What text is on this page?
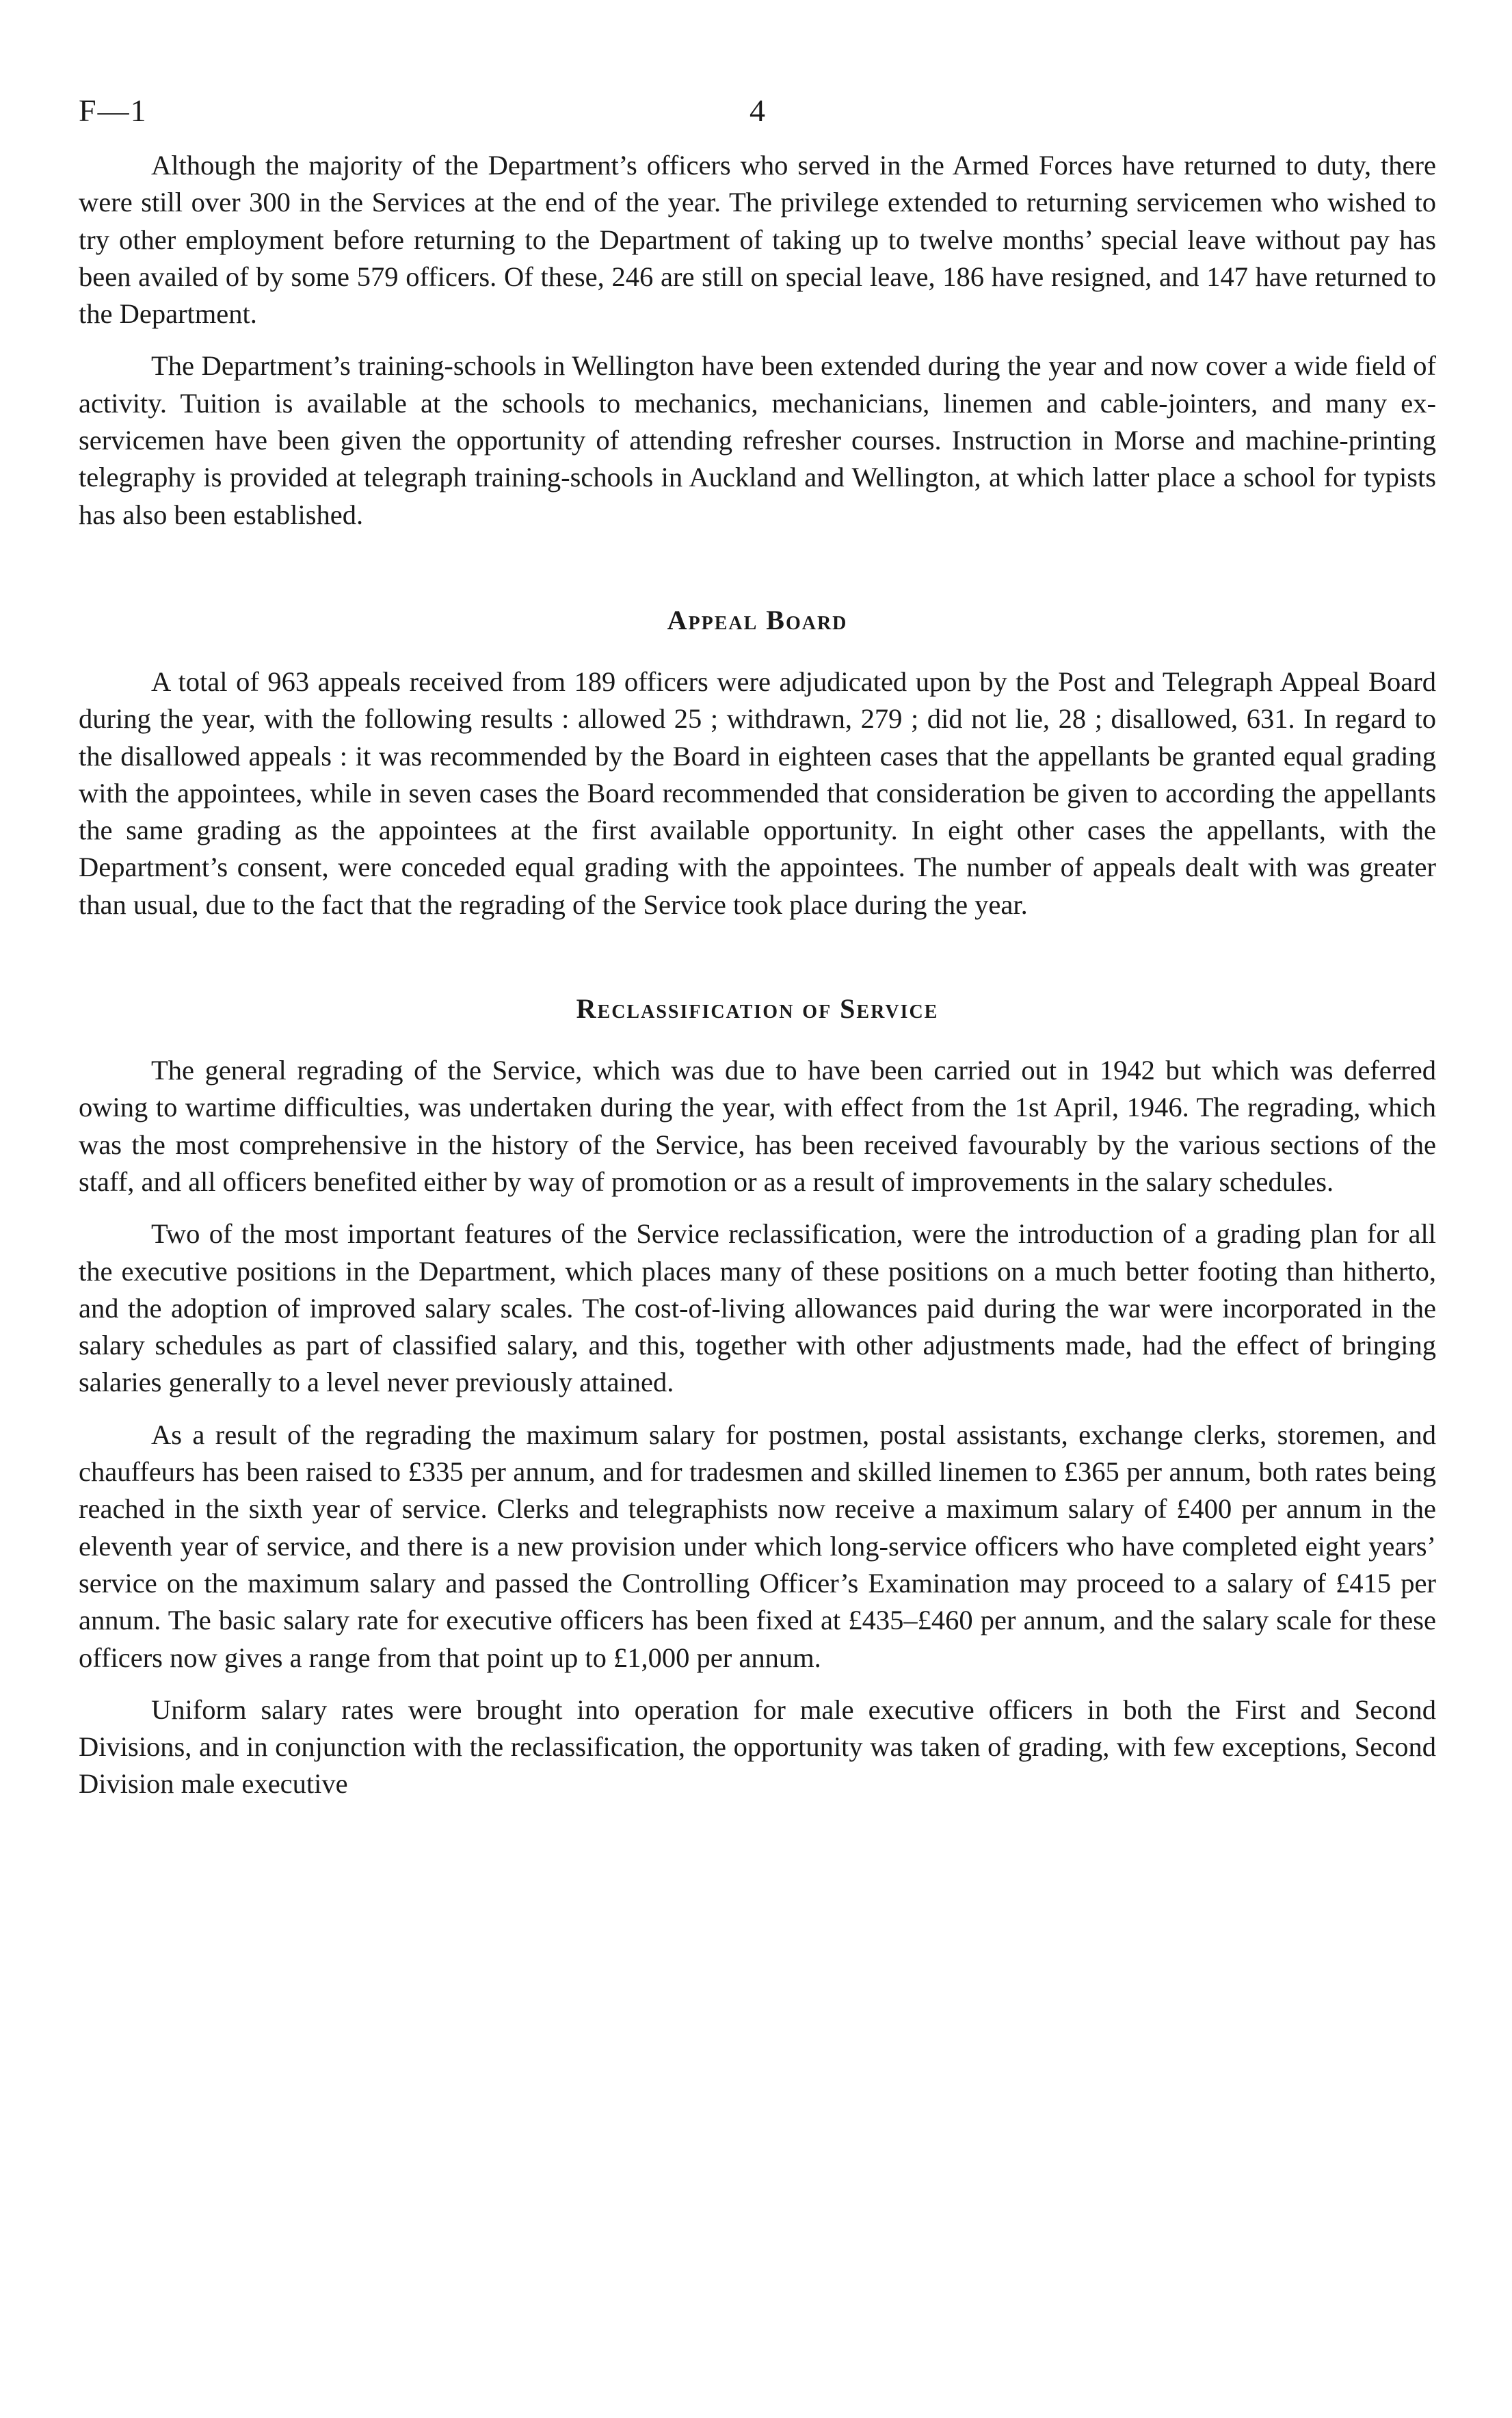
F—1	4

Although the majority of the Department’s officers who served in the Armed Forces have returned to duty, there were still over 300 in the Services at the end of the year. The privilege extended to returning servicemen who wished to try other employment before returning to the Department of taking up to twelve months’ special leave without pay has been availed of by some 579 officers. Of these, 246 are still on special leave, 186 have resigned, and 147 have returned to the Department.

The Department’s training-schools in Wellington have been extended during the year and now cover a wide field of activity. Tuition is available at the schools to mechanics, mechanicians, linemen and cable-jointers, and many ex-servicemen have been given the opportunity of attending refresher courses. Instruction in Morse and machine-printing telegraphy is provided at telegraph training-schools in Auckland and Wellington, at which latter place a school for typists has also been established.

Appeal Board

A total of 963 appeals received from 189 officers were adjudicated upon by the Post and Telegraph Appeal Board during the year, with the following results : allowed 25 ; withdrawn, 279 ; did not lie, 28 ; disallowed, 631. In regard to the disallowed appeals : it was recommended by the Board in eighteen cases that the appellants be granted equal grading with the appointees, while in seven cases the Board recommended that consideration be given to according the appellants the same grading as the appointees at the first available opportunity. In eight other cases the appellants, with the Department’s consent, were conceded equal grading with the appointees. The number of appeals dealt with was greater than usual, due to the fact that the regrading of the Service took place during the year.

Reclassification of Service

The general regrading of the Service, which was due to have been carried out in 1942 but which was deferred owing to wartime difficulties, was undertaken during the year, with effect from the 1st April, 1946. The regrading, which was the most comprehensive in the history of the Service, has been received favourably by the various sections of the staff, and all officers benefited either by way of promotion or as a result of improvements in the salary schedules.

Two of the most important features of the Service reclassification, were the introduction of a grading plan for all the executive positions in the Department, which places many of these positions on a much better footing than hitherto, and the adoption of improved salary scales. The cost-of-living allowances paid during the war were incorporated in the salary schedules as part of classified salary, and this, together with other adjustments made, had the effect of bringing salaries generally to a level never previously attained.

As a result of the regrading the maximum salary for postmen, postal assistants, exchange clerks, storemen, and chauffeurs has been raised to £335 per annum, and for tradesmen and skilled linemen to £365 per annum, both rates being reached in the sixth year of service. Clerks and telegraphists now receive a maximum salary of £400 per annum in the eleventh year of service, and there is a new provision under which long-service officers who have completed eight years’ service on the maximum salary and passed the Controlling Officer’s Examination may proceed to a salary of £415 per annum. The basic salary rate for executive officers has been fixed at £435–£460 per annum, and the salary scale for these officers now gives a range from that point up to £1,000 per annum.

Uniform salary rates were brought into operation for male executive officers in both the First and Second Divisions, and in conjunction with the reclassification, the opportunity was taken of grading, with few exceptions, Second Division male executive
